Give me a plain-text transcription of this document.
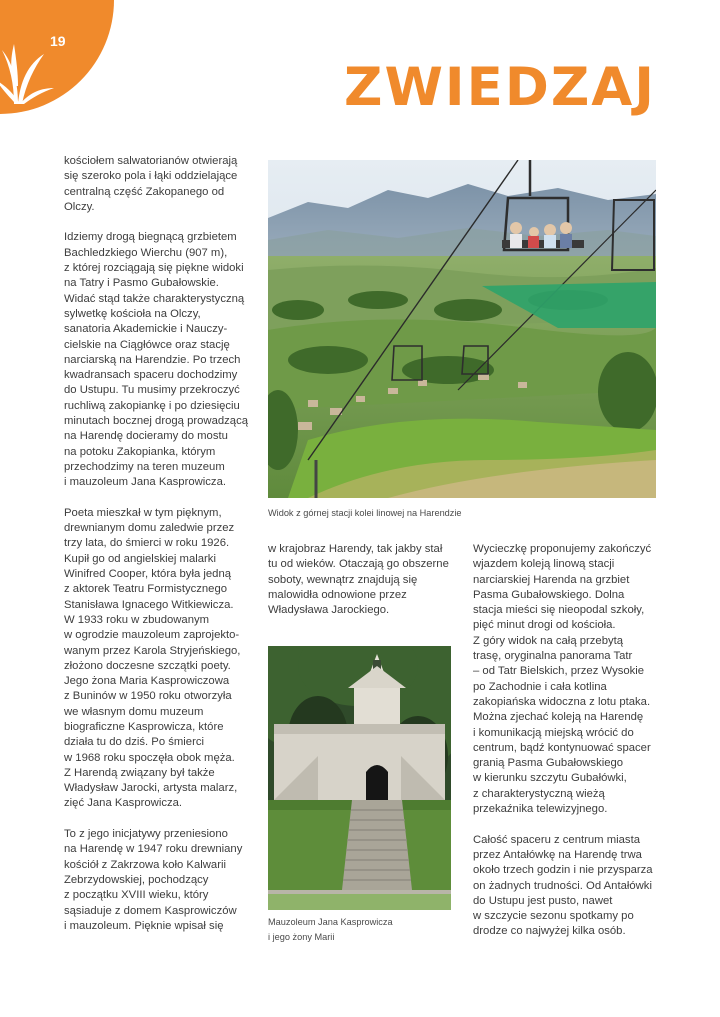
19
ZWIEDZAJ

kościołem salwatorianów otwierają
się szeroko pola i łąki oddzielające
centralną część Zakopanego od
Olczy.

Idziemy drogą biegnącą grzbietem
Bachledzkiego Wierchu (907 m),
z której rozciągają się piękne widoki
na Tatry i Pasmo Gubałowskie.
Widać stąd także charakterystyczną
sylwetkę kościoła na Olczy,
sanatoria Akademickie i Nauczy-
cielskie na Ciągłówce oraz stację
narciarską na Harendzie. Po trzech
kwadransach spaceru dochodzimy
do Ustupu. Tu musimy przekroczyć
ruchliwą zakopiankę i po dziesięciu
minutach bocznej drogą prowadzącą
na Harendę docieramy do mostu
na potoku Zakopianka, którym
przechodzimy na teren muzeum
i mauzoleum Jana Kasprowicza.

Poeta mieszkał w tym pięknym,
drewnianym domu zaledwie przez
trzy lata, do śmierci w roku 1926.
Kupił go od angielskiej malarki
Winifred Cooper, która była jedną
z aktorek Teatru Formistycznego
Stanisława Ignacego Witkiewicza.
W 1933 roku w zbudowanym
w ogrodzie mauzoleum zaprojekto-
wanym przez Karola Stryjeńskiego,
złożono doczesne szczątki poety.
Jego żona Maria Kasprowiczowa
z Buninów w 1950 roku otworzyła
we własnym domu muzeum
biograficzne Kasprowicza, które
działa tu do dziś. Po śmierci
w 1968 roku spoczęła obok męża.
Z Harendą związany był także
Władysław Jarocki, artysta malarz,
zięć Jana Kasprowicza.

To z jego inicjatywy przeniesiono
na Harendę w 1947 roku drewniany
kościół z Zakrzowa koło Kalwarii
Zebrzydowskiej, pochodzący
z początku XVIII wieku, który
sąsiaduje z domem Kasprowiczów
i mauzoleum. Pięknie wpisał się

Widok z górnej stacji kolei linowej na Harendzie

w krajobraz Harendy, tak jakby stał
tu od wieków. Otaczają go obszerne
soboty, wewnątrz znajdują się
malowidła odnowione przez
Władysława Jarockiego.

Mauzoleum Jana Kasprowicza
i jego żony Marii

Wycieczkę proponujemy zakończyć
wjazdem koleją linową stacji
narciarskiej Harenda na grzbiet
Pasma Gubałowskiego. Dolna
stacja mieści się nieopodal szkoły,
pięć minut drogi od kościoła.
Z góry widok na całą przebytą
trasę, oryginalna panorama Tatr
– od Tatr Bielskich, przez Wysokie
po Zachodnie i cała kotlina
zakopiańska widoczna z lotu ptaka.
Można zjechać koleją na Harendę
i komunikacją miejską wrócić do
centrum, bądź kontynuować spacer
granią Pasma Gubałowskiego
w kierunku szczytu Gubałówki,
z charakterystyczną wieżą
przekaźnika telewizyjnego.

Całość spaceru z centrum miasta
przez Antałówkę na Harendę trwa
około trzech godzin i nie przysparza
on żadnych trudności. Od Antałówki
do Ustupu jest pusto, nawet
w szczycie sezonu spotkamy po
drodze co najwyżej kilka osób.
